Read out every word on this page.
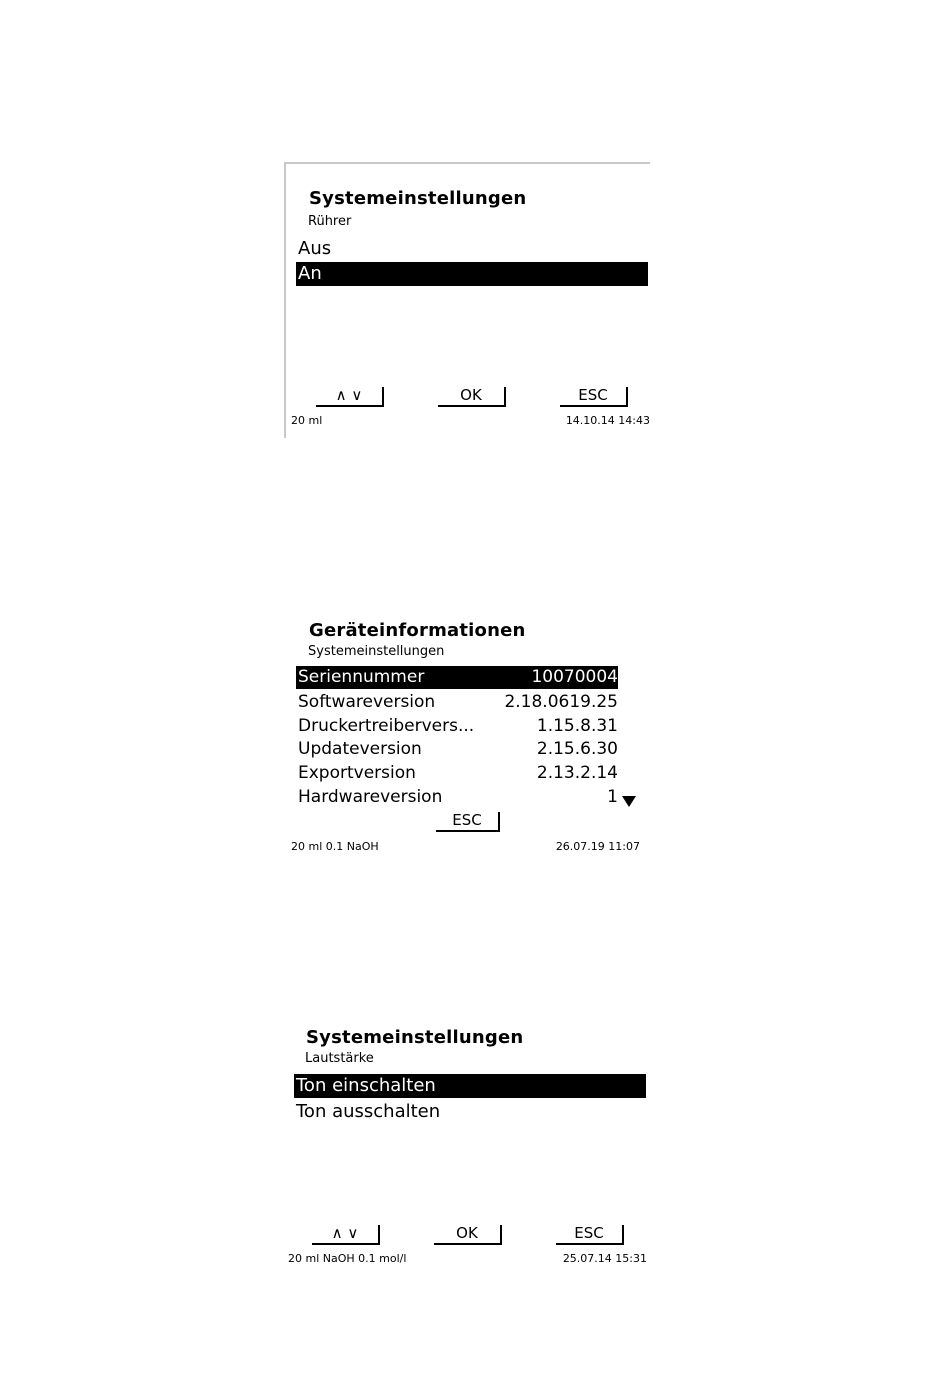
Systemeinstellungen
Rührer
Aus
An
∧ ∨	OK	ESC
20 ml	14.10.14 14:43
Geräteinformationen
Systemeinstellungen
Seriennummer	10070004
Softwareversion	2.18.0619.25
Druckertreibervers...	1.15.8.31
Updateversion	2.15.6.30
Exportversion	2.13.2.14
Hardwareversion	1
ESC
20 ml 0.1 NaOH	26.07.19 11:07
Systemeinstellungen
Lautstärke
Ton einschalten
Ton ausschalten
∧ ∨	OK	ESC
20 ml NaOH 0.1 mol/l	25.07.14 15:31
